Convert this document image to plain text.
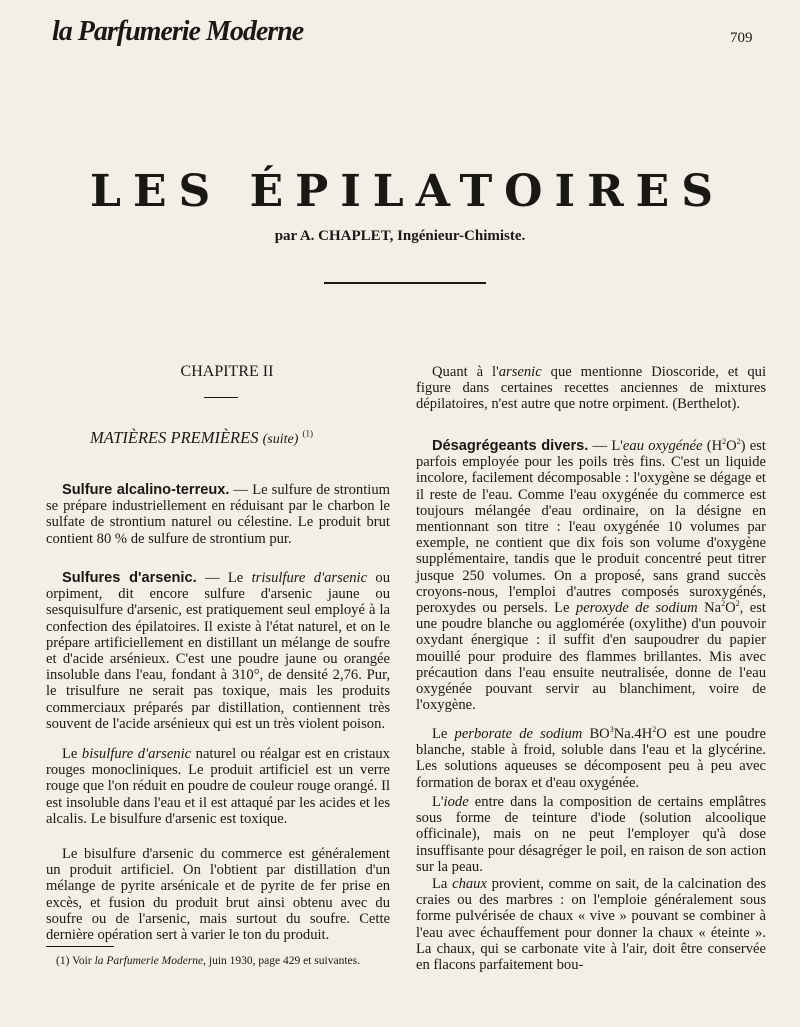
la Parfumerie Moderne	709
LES ÉPILATOIRES
par A. CHAPLET, Ingénieur-Chimiste.
CHAPITRE II
MATIÈRES PREMIÈRES (suite) $^{(1)}$

Sulfure alcalino-terreux. — Le sulfure de strontium se prépare industriellement en réduisant par le charbon le sulfate de strontium naturel ou célestine. Le produit brut contient 80 % de sulfure de strontium pur.

Sulfures d'arsenic. — Le trisulfure d'arsenic ou orpiment, dit encore sulfure d'arsenic jaune ou sesquisulfure d'arsenic, est pratiquement seul employé à la confection des épilatoires. Il existe à l'état naturel, et on le prépare artificiellement en distillant un mélange de soufre et d'acide arsénieux. C'est une poudre jaune ou orangée insoluble dans l'eau, fondant à 310°, de densité 2,76. Pur, le trisulfure ne serait pas toxique, mais les produits commerciaux préparés par distillation, contiennent très souvent de l'acide arsénieux qui est un très violent poison.

Le bisulfure d'arsenic naturel ou réalgar est en cristaux rouges monocliniques. Le produit artificiel est un verre rouge que l'on réduit en poudre de couleur rouge orangé. Il est insoluble dans l'eau et il est attaqué par les acides et les alcalis. Le bisulfure d'arsenic est toxique.

Le bisulfure d'arsenic du commerce est généralement un produit artificiel. On l'obtient par distillation d'un mélange de pyrite arsénicale et de pyrite de fer prise en excès, et fusion du produit brut ainsi obtenu avec du soufre ou de l'arsenic, mais surtout du soufre. Cette dernière opération sert à varier le ton du produit.

(1) Voir la Parfumerie Moderne, juin 1930, page 429 et suivantes.

Quant à l'arsenic que mentionne Dioscoride, et qui figure dans certaines recettes anciennes de mixtures dépilatoires, n'est autre que notre orpiment. (Berthelot).

Désagrégeants divers. — L'eau oxygénée $(H^2O^2)$ est parfois employée pour les poils très fins. C'est un liquide incolore, facilement décomposable : l'oxygène se dégage et il reste de l'eau. Comme l'eau oxygénée du commerce est toujours mélangée d'eau ordinaire, on la désigne en mentionnant son titre : l'eau oxygénée 10 volumes par exemple, ne contient que dix fois son volume d'oxygène supplémentaire, tandis que le produit concentré peut titrer jusque 250 volumes. On a proposé, sans grand succès croyons-nous, l'emploi d'autres composés suroxygénés, peroxydes ou persels. Le peroxyde de sodium $Na^2O^2$, est une poudre blanche ou agglomérée (oxylithe) d'un pouvoir oxydant énergique : il suffit d'en saupoudrer du papier mouillé pour produire des flammes brillantes. Mis avec précaution dans l'eau ensuite neutralisée, donne de l'eau oxygénée pouvant servir au blanchiment, voire de l'oxygène.

Le perborate de sodium $BO^3Na.4H^2O$ est une poudre blanche, stable à froid, soluble dans l'eau et la glycérine. Les solutions aqueuses se décomposent peu à peu avec formation de borax et d'eau oxygénée.

L'iode entre dans la composition de certains emplâtres sous forme de teinture d'iode (solution alcoolique officinale), mais on ne peut l'employer qu'à dose insuffisante pour désagréger le poil, en raison de son action sur la peau.

La chaux provient, comme on sait, de la calcination des craies ou des marbres : on l'emploie généralement sous forme pulvérisée de chaux « vive » pouvant se combiner à l'eau avec échauffement pour donner la chaux « éteinte ». La chaux, qui se carbonate vite à l'air, doit être conservée en flacons parfaitement bou-
